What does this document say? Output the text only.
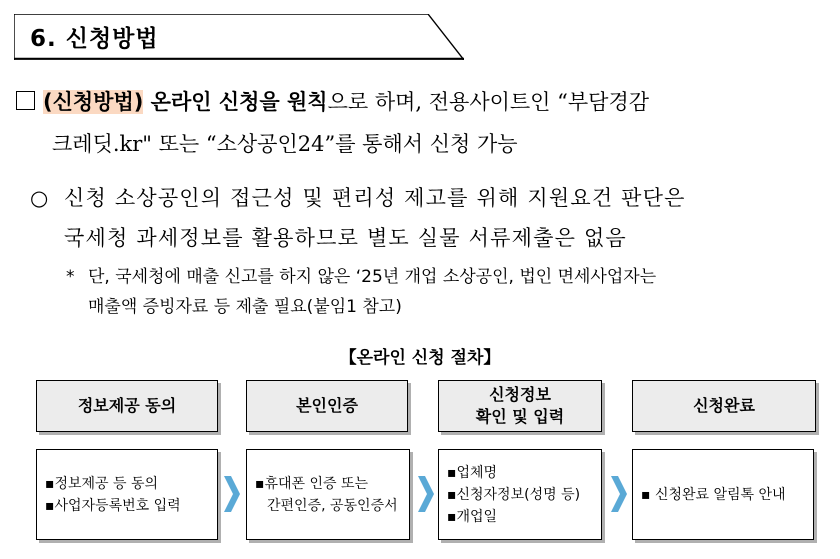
6. 신청방법
(신청방법) 온라인 신청을 원칙으로 하며, 전용사이트인 “부담경감
크레딧.kr" 또는 “소상공인24”를 통해서 신청 가능
○ 신청 소상공인의 접근성 및 편리성 제고를 위해 지원요건 판단은
국세청 과세정보를 활용하므로 별도 실물 서류제출은 없음
* 단, 국세청에 매출 신고를 하지 않은 ‘25년 개업 소상공인, 법인 면세사업자는
매출액 증빙자료 등 제출 필요(붙임1 참고)
【온라인 신청 절차】
정보제공 동의	본인인증
신청정보
확인 및 입력
신청완료
▪정보제공 등 동의
▪사업자등록번호 입력
▪휴대폰 인증 또는
간편인증, 공동인증서
▪업체명
▪신청자정보(성명 등)
▪개업일
▪ 신청완료 알림톡 안내
